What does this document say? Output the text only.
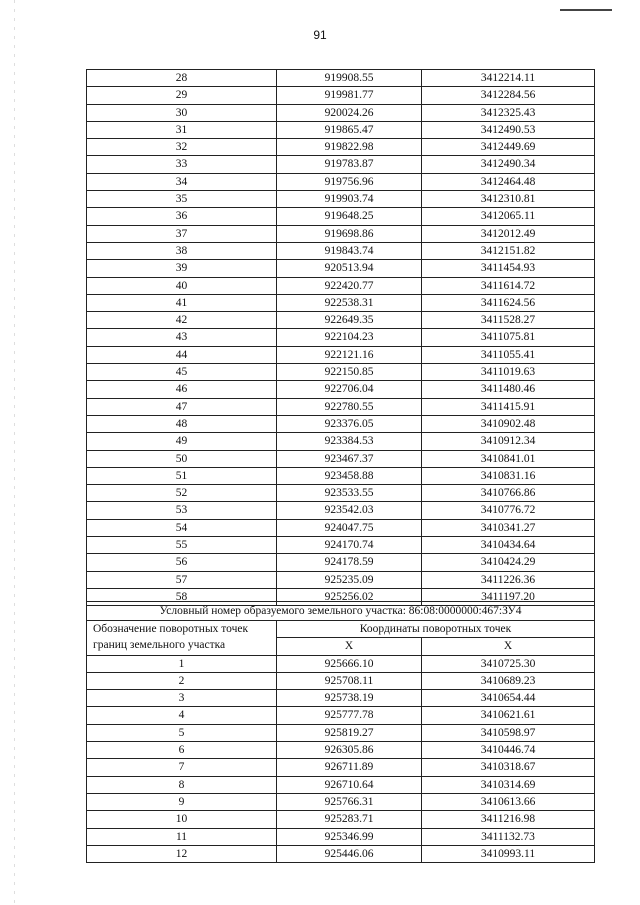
91
28	919908.55	3412214.11
29	919981.77	3412284.56
30	920024.26	3412325.43
31	919865.47	3412490.53
32	919822.98	3412449.69
33	919783.87	3412490.34
34	919756.96	3412464.48
35	919903.74	3412310.81
36	919648.25	3412065.11
37	919698.86	3412012.49
38	919843.74	3412151.82
39	920513.94	3411454.93
40	922420.77	3411614.72
41	922538.31	3411624.56
42	922649.35	3411528.27
43	922104.23	3411075.81
44	922121.16	3411055.41
45	922150.85	3411019.63
46	922706.04	3411480.46
47	922780.55	3411415.91
48	923376.05	3410902.48
49	923384.53	3410912.34
50	923467.37	3410841.01
51	923458.88	3410831.16
52	923533.55	3410766.86
53	923542.03	3410776.72
54	924047.75	3410341.27
55	924170.74	3410434.64
56	924178.59	3410424.29
57	925235.09	3411226.36
58	925256.02	3411197.20
Условный номер образуемого земельного участка: 86:08:0000000:467:ЗУ4		
Обозначение поворотных точек
границ земельного участка	Координаты поворотных точек	
	X	X
1	925666.10	3410725.30
2	925708.11	3410689.23
3	925738.19	3410654.44
4	925777.78	3410621.61
5	925819.27	3410598.97
6	926305.86	3410446.74
7	926711.89	3410318.67
8	926710.64	3410314.69
9	925766.31	3410613.66
10	925283.71	3411216.98
11	925346.99	3411132.73
12	925446.06	3410993.11
